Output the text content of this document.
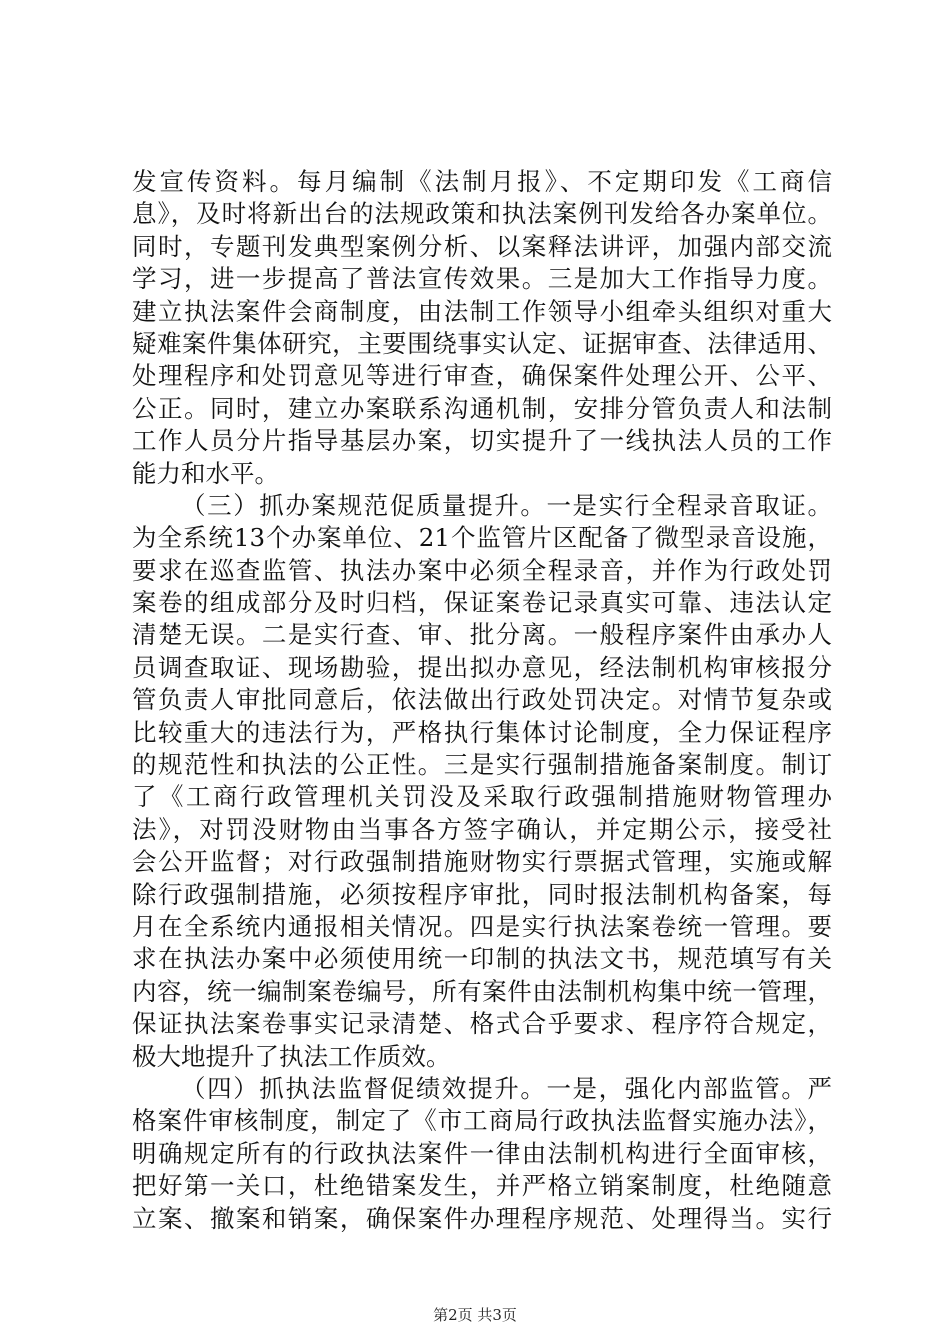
发宣传资料。每月编制《法制月报》、不定期印发《工商信
息》，及时将新出台的法规政策和执法案例刊发给各办案单位。
同时，专题刊发典型案例分析、以案释法讲评，加强内部交流
学习，进一步提高了普法宣传效果。三是加大工作指导力度。
建立执法案件会商制度，由法制工作领导小组牵头组织对重大
疑难案件集体研究，主要围绕事实认定、证据审查、法律适用、
处理程序和处罚意见等进行审查，确保案件处理公开、公平、
公正。同时，建立办案联系沟通机制，安排分管负责人和法制
工作人员分片指导基层办案，切实提升了一线执法人员的工作
能力和水平。
（三）抓办案规范促质量提升。一是实行全程录音取证。
为全系统13个办案单位、21个监管片区配备了微型录音设施，
要求在巡查监管、执法办案中必须全程录音，并作为行政处罚
案卷的组成部分及时归档，保证案卷记录真实可靠、违法认定
清楚无误。二是实行查、审、批分离。一般程序案件由承办人
员调查取证、现场勘验，提出拟办意见，经法制机构审核报分
管负责人审批同意后，依法做出行政处罚决定。对情节复杂或
比较重大的违法行为，严格执行集体讨论制度，全力保证程序
的规范性和执法的公正性。三是实行强制措施备案制度。制订
了《工商行政管理机关罚没及采取行政强制措施财物管理办
法》，对罚没财物由当事各方签字确认，并定期公示，接受社
会公开监督；对行政强制措施财物实行票据式管理，实施或解
除行政强制措施，必须按程序审批，同时报法制机构备案，每
月在全系统内通报相关情况。四是实行执法案卷统一管理。要
求在执法办案中必须使用统一印制的执法文书，规范填写有关
内容，统一编制案卷编号，所有案件由法制机构集中统一管理，
保证执法案卷事实记录清楚、格式合乎要求、程序符合规定，
极大地提升了执法工作质效。
（四）抓执法监督促绩效提升。一是，强化内部监管。严
格案件审核制度，制定了《市工商局行政执法监督实施办法》，
明确规定所有的行政执法案件一律由法制机构进行全面审核，
把好第一关口，杜绝错案发生，并严格立销案制度，杜绝随意
立案、撤案和销案，确保案件办理程序规范、处理得当。实行
第2页 共3页
